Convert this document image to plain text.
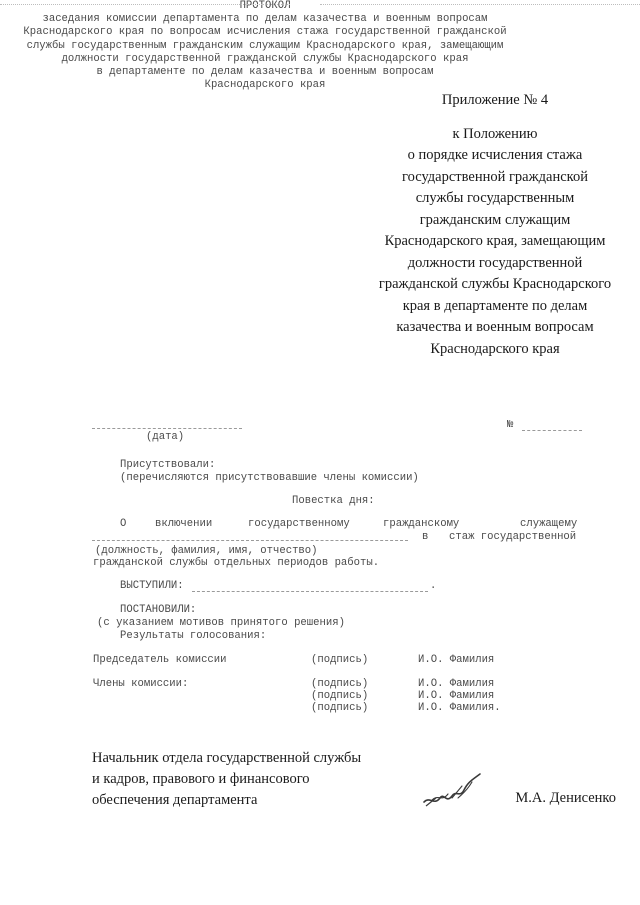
Приложение № 4
к Положению
о порядке исчисления стажа
государственной гражданской
службы государственным
гражданским служащим
Краснодарского края, замещающим
должности государственной
гражданской службы Краснодарского
края в департаменте по делам
казачества и военным вопросам
Краснодарского края
ПРОТОКОЛ
заседания комиссии департамента по делам казачества и военным вопросам
Краснодарского края по вопросам исчисления стажа государственной гражданской
службы государственным гражданским служащим Краснодарского края, замещающим
должности государственной гражданской службы Краснодарского края
в департаменте по делам казачества и военным вопросам
Краснодарского края
(дата)
№
Присутствовали:
(перечисляются присутствовавшие члены комиссии)
Повестка дня:
О	включении	государственному	гражданскому	служащему
в стаж государственной
(должность, фамилия, имя, отчество)
гражданской службы отдельных периодов работы.
ВЫСТУПИЛИ:	.
ПОСТАНОВИЛИ:
(с указанием мотивов принятого решения)
Результаты голосования:
Председатель комиссии	(подпись)	И.О. Фамилия
Члены комиссии:	(подпись)	И.О. Фамилия
(подпись)	И.О. Фамилия
(подпись)	И.О. Фамилия.
Начальник отдела государственной службы
и кадров, правового и финансового
обеспечения департамента	М.А. Денисенко
